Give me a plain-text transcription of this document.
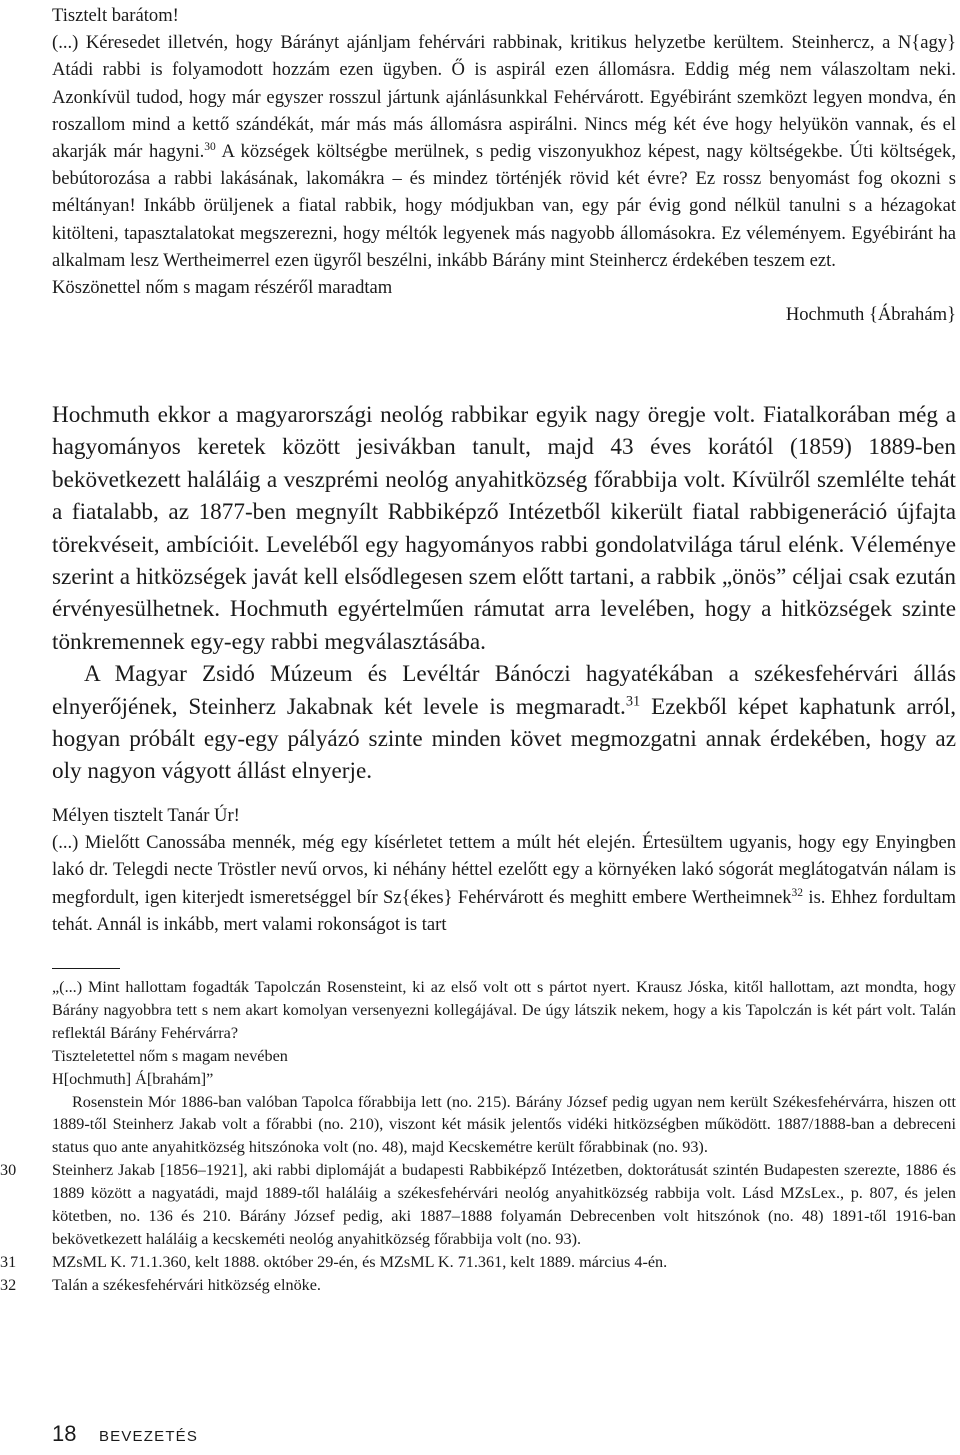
Tisztelt barátom!

(...) Kéresedet illetvén, hogy Bárányt ajánljam fehérvári rabbinak, kritikus helyzetbe kerültem. Steinhercz, a N{agy} Atádi rabbi is folyamodott hozzám ezen ügyben. Ő is aspirál ezen állomásra. Eddig még nem válaszoltam neki. Azonkívül tudod, hogy már egyszer rosszul jártunk ajánlásunkkal Fehérvárott. Egyébiránt szemközt legyen mondva, én roszallom mind a kettő szándékát, már más más állomásra aspirálni. Nincs még két éve hogy helyükön vannak, és el akarják már hagyni.$^{30}$ A községek költségbe merülnek, s pedig viszonyukhoz képest, nagy költségekbe. Úti költségek, bebútorozása a rabbi lakásának, lakomákra – és mindez történjék rövid két évre? Ez rossz benyomást fog okozni s méltányan! Inkább örüljenek a fiatal rabbik, hogy módjukban van, egy pár évig gond nélkül tanulni s a hézagokat kitölteni, tapasztalatokat megszerezni, hogy méltók legyenek más nagyobb állomásokra. Ez véleményem. Egyébiránt ha alkalmam lesz Wertheimerrel ezen ügyről beszélni, inkább Bárány mint Steinhercz érdekében teszem ezt.

Köszönettel nőm s magam részéről maradtam

Hochmuth {Ábrahám}

Hochmuth ekkor a magyarországi neológ rabbikar egyik nagy öregje volt. Fiatalkorában még a hagyományos keretek között jesivákban tanult, majd 43 éves korától (1859) 1889-ben bekövetkezett haláláig a veszprémi neológ anyahitközség főrabbija volt. Kívülről szemlélte tehát a fiatalabb, az 1877-ben megnyílt Rabbiképző Intézetből kikerült fiatal rabbigeneráció újfajta törekvéseit, ambícióit. Leveléből egy hagyományos rabbi gondolatvilága tárul elénk. Véleménye szerint a hitközségek javát kell elsődlegesen szem előtt tartani, a rabbik „önös” céljai csak ezután érvényesülhetnek. Hochmuth egyértelműen rámutat arra levelében, hogy a hitközségek szinte tönkremennek egy-egy rabbi megválasztásába.

A Magyar Zsidó Múzeum és Levéltár Bánóczi hagyatékában a székesfehérvári állás elnyerőjének, Steinherz Jakabnak két levele is megmaradt.$^{31}$ Ezekből képet kaphatunk arról, hogyan próbált egy-egy pályázó szinte minden követ megmozgatni annak érdekében, hogy az oly nagyon vágyott állást elnyerje.

Mélyen tisztelt Tanár Úr!

(...) Mielőtt Canossába mennék, még egy kísérletet tettem a múlt hét elején. Értesültem ugyanis, hogy egy Enyingben lakó dr. Telegdi necte Tröstler nevű orvos, ki néhány héttel ezelőtt egy a környéken lakó sógorát meglátogatván nálam is megfordult, igen kiterjedt ismeretséggel bír Sz{ékes} Fehérvárott és meghitt embere Wertheimnek$^{32}$ is. Ehhez fordultam tehát. Annál is inkább, mert valami rokonságot is tart

„(...) Mint hallottam fogadták Tapolczán Rosensteint, ki az első volt ott s pártot nyert. Krausz Jóska, kitől hallottam, azt mondta, hogy Bárány nagyobbra tett s nem akart komolyan versenyezni kollegájával. De úgy látszik nekem, hogy a kis Tapolczán is két párt volt. Talán reflektál Bárány Fehérvárra?

Tiszteletettel nőm s magam nevében

H[ochmuth] Á[brahám]”

Rosenstein Mór 1886-ban valóban Tapolca főrabbija lett (no. 215). Bárány József pedig ugyan nem került Székesfehérvárra, hiszen ott 1889-től Steinherz Jakab volt a főrabbi (no. 210), viszont két másik jelentős vidéki hitközségben működött. 1887/1888-ban a debreceni status quo ante anyahitközség hitszónoka volt (no. 48), majd Kecskemétre került főrabbinak (no. 93).

30	Steinherz Jakab [1856–1921], aki rabbi diplomáját a budapesti Rabbiképző Intézetben, doktorátusát szintén Budapesten szerezte, 1886 és 1889 között a nagyatádi, majd 1889-től haláláig a székesfehérvári neológ anyahitközség rabbija volt. Lásd MZsLex., p. 807, és jelen kötetben, no. 136 és 210. Bárány József pedig, aki 1887–1888 folyamán Debrecenben volt hitszónok (no. 48) 1891-től 1916-ban bekövetkezett haláláig a kecskeméti neológ anyahitközség főrabbija volt (no. 93).

31	MZsML K. 71.1.360, kelt 1888. október 29-én, és MZsML K. 71.361, kelt 1889. március 4-én.

32	Talán a székesfehérvári hitközség elnöke.

18 BEVEZETÉS
